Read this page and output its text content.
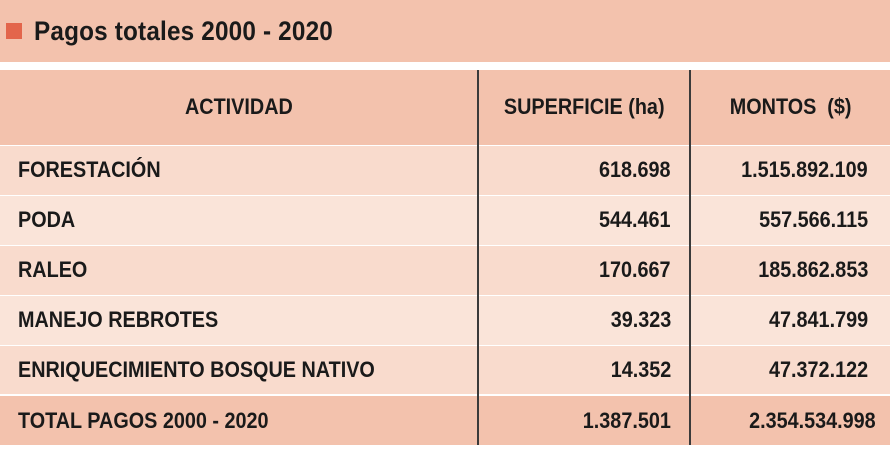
Pagos totales 2000 - 2020
ACTIVIDAD	SUPERFICIE (ha)	MONTOS  ($)
FORESTACIÓN	618.698	1.515.892.109
PODA	544.461	557.566.115
RALEO	170.667	185.862.853
MANEJO REBROTES	39.323	47.841.799
ENRIQUECIMIENTO BOSQUE NATIVO	14.352	47.372.122
TOTAL PAGOS 2000 - 2020	1.387.501	2.354.534.998
